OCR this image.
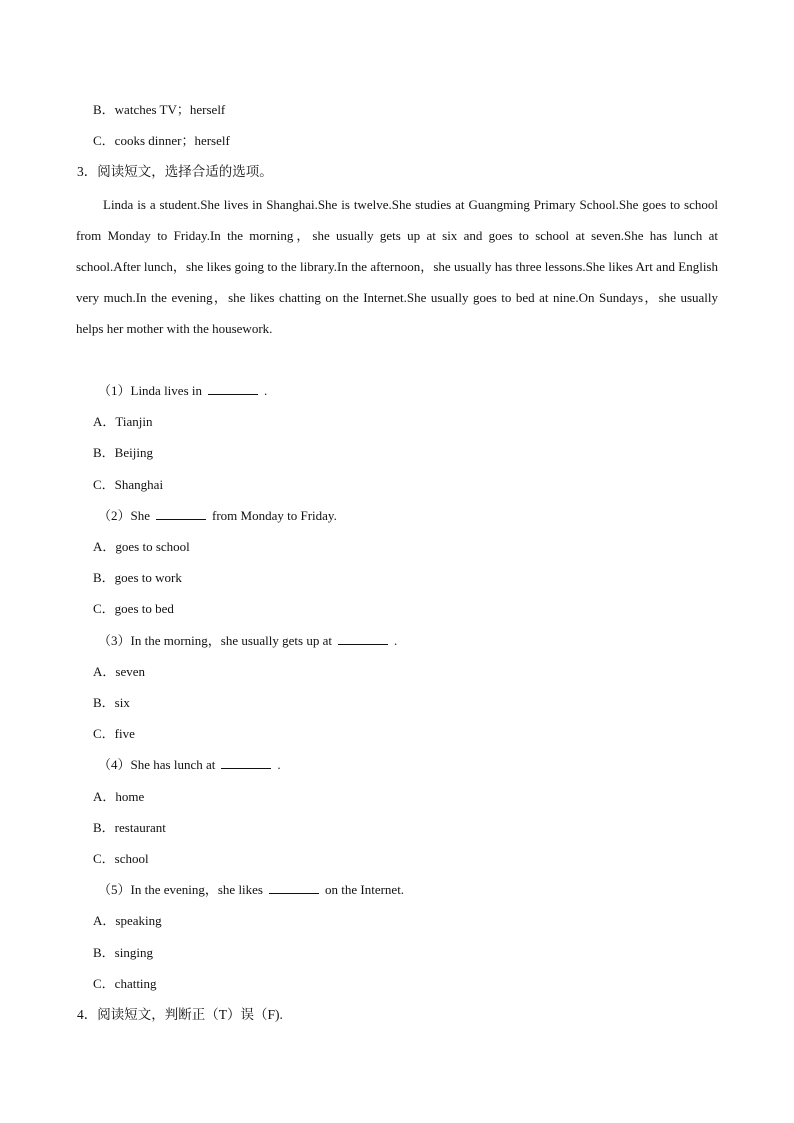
B．watches TV；herself
C．cooks dinner；herself
3．阅读短文，选择合适的选项。
Linda is a student.She lives in Shanghai.She is twelve.She studies at Guangming Primary School.She goes to school from Monday to Friday.In the morning，she usually gets up at six and goes to school at seven.She has lunch at school.After lunch，she likes going to the library.In the afternoon，she usually has three lessons.She likes Art and English very much.In the evening，she likes chatting on the Internet.She usually goes to bed at nine.On Sundays，she usually helps her mother with the housework.
（1）Linda lives in	.
A．Tianjin
B．Beijing
C．Shanghai
（2）She	from Monday to Friday.
A．goes to school
B．goes to work
C．goes to bed
（3）In the morning，she usually gets up at	.
A．seven
B．six
C．five
（4）She has lunch at	.
A．home
B．restaurant
C．school
（5）In the evening，she likes	on the Internet.
A．speaking
B．singing
C．chatting
4．阅读短文，判断正（T）误（F).
